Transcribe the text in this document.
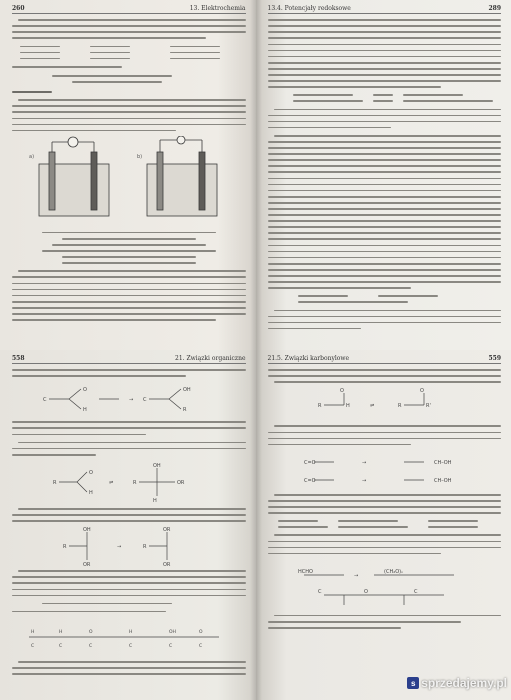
260	13. Elektrochemia
a)	b)
13.4. Potencjały redoksowe	289
558	21. Związki organiczne
C
O
H
→ C
OH
R
R
O
H
⇌	R
OH
H
OR
R
OH
OR
→	R
OR
OR
H	H	O	H	OH	O
C	C	C	C	C	C
21.5. Związki karbonylowe	559
R
O
H	⇌	R
O
R'
C=O	→	CH–OH
C=O	→	CH–OH
HCHO
→
(CH₂O)ₙ
C	O	C
s sprzedajemy.pl
